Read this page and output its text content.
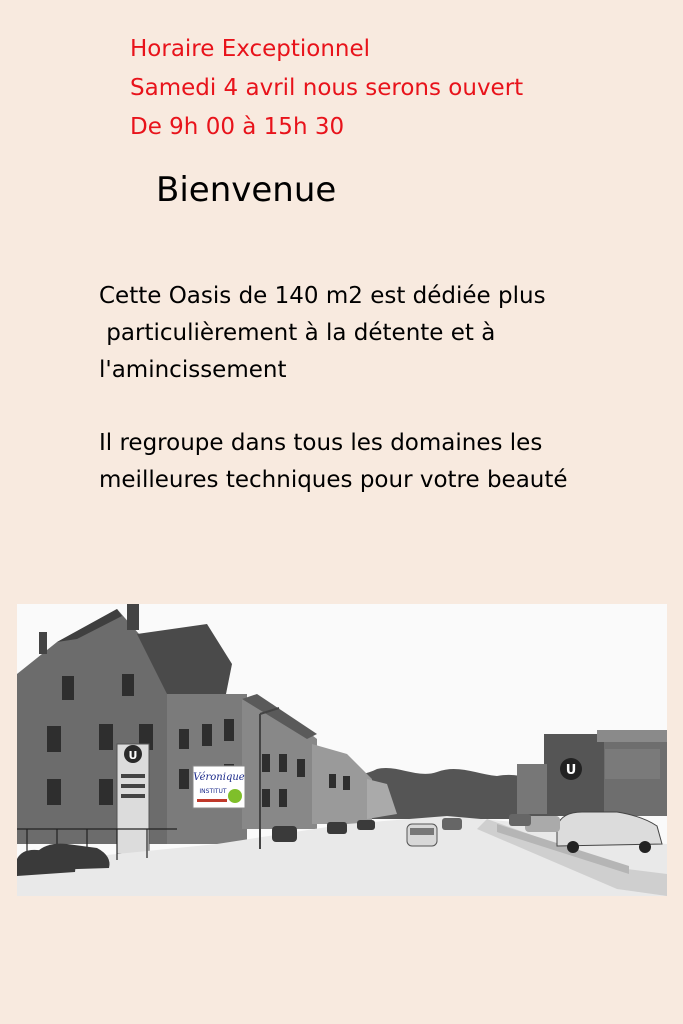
Horaire Exceptionnel
Samedi 4 avril nous serons ouvert
De 9h 00 à 15h 30
Bienvenue
Cette Oasis de 140 m2 est dédiée plus
particulièrement à la détente et à
l'amincissement
Il regroupe dans tous les domaines les
meilleures techniques pour votre beauté
U
Véronique
INSTITUT
U
